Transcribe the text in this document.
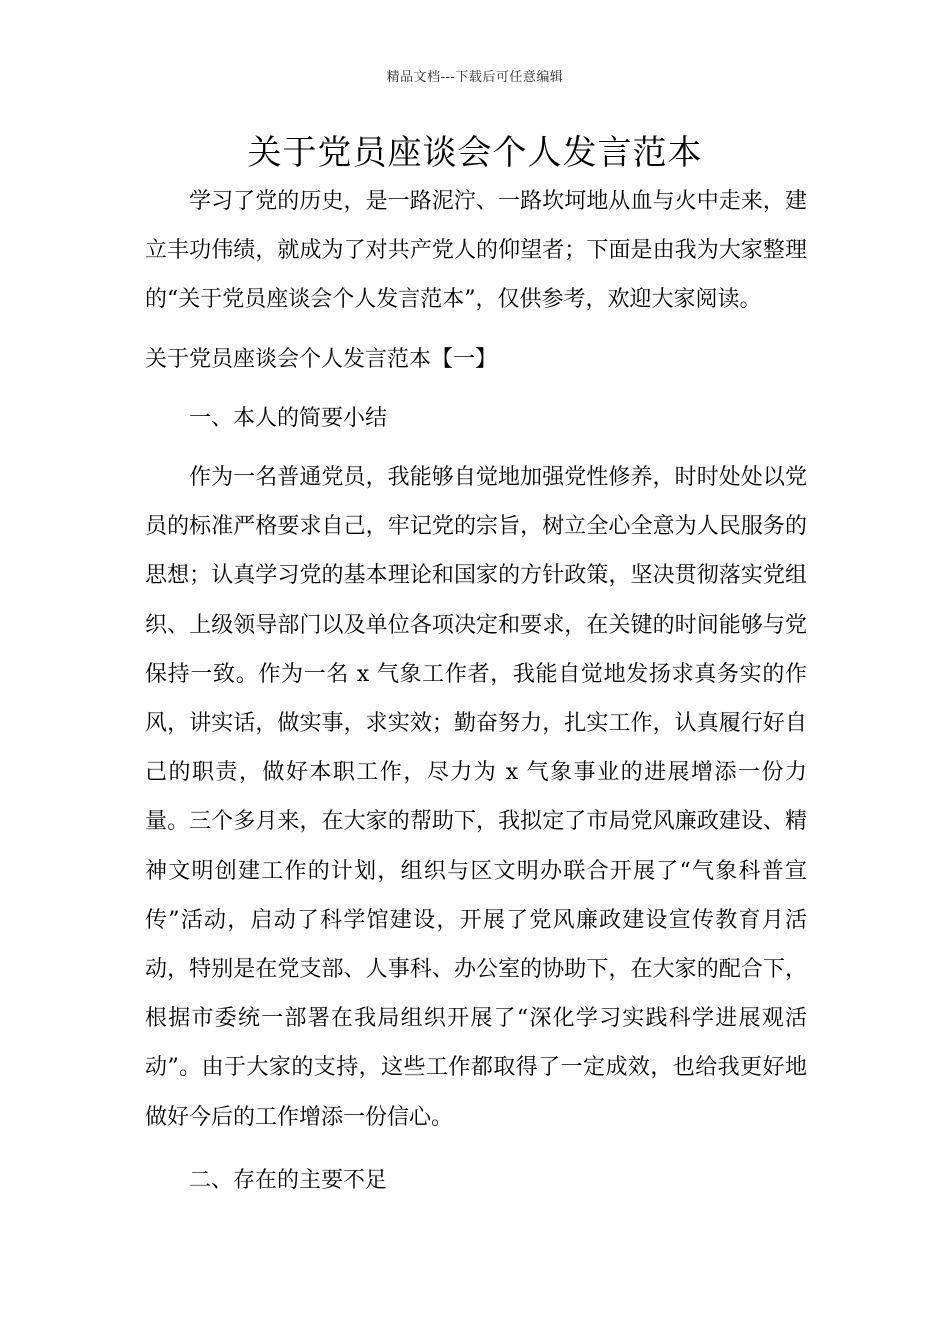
精品文档---下载后可任意编辑
关于党员座谈会个人发言范本

学习了党的历史，是一路泥泞、一路坎坷地从血与火中走来，建立丰功伟绩，就成为了对共产党人的仰望者；下面是由我为大家整理的“关于党员座谈会个人发言范本”，仅供参考，欢迎大家阅读。

关于党员座谈会个人发言范本【一】

一、本人的简要小结

作为一名普通党员，我能够自觉地加强党性修养，时时处处以党员的标准严格要求自己，牢记党的宗旨，树立全心全意为人民服务的思想；认真学习党的基本理论和国家的方针政策，坚决贯彻落实党组织、上级领导部门以及单位各项决定和要求，在关键的时间能够与党保持一致。作为一名 x 气象工作者，我能自觉地发扬求真务实的作风，讲实话，做实事，求实效；勤奋努力，扎实工作，认真履行好自己的职责，做好本职工作，尽力为 x 气象事业的进展增添一份力量。三个多月来，在大家的帮助下，我拟定了市局党风廉政建设、精神文明创建工作的计划，组织与区文明办联合开展了“气象科普宣传”活动，启动了科学馆建设，开展了党风廉政建设宣传教育月活动，特别是在党支部、人事科、办公室的协助下，在大家的配合下，根据市委统一部署在我局组织开展了“深化学习实践科学进展观活动”。由于大家的支持，这些工作都取得了一定成效，也给我更好地做好今后的工作增添一份信心。

二、存在的主要不足
